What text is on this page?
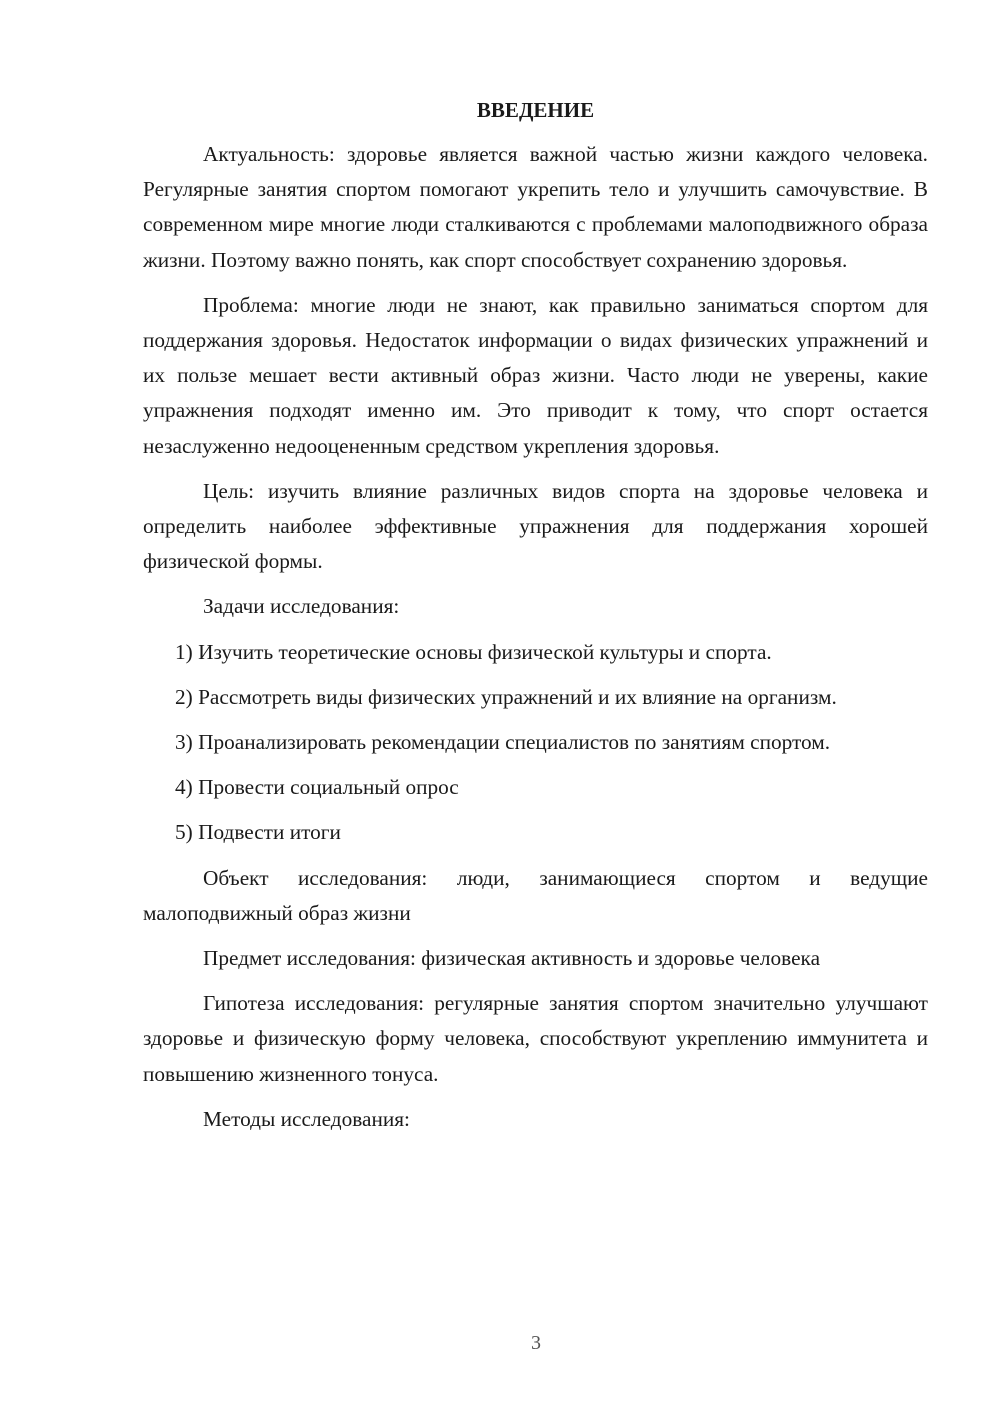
ВВЕДЕНИЕ

Актуальность: здоровье является важной частью жизни каждого человека. Регулярные занятия спортом помогают укрепить тело и улучшить самочувствие. В современном мире многие люди сталкиваются с проблемами малоподвижного образа жизни. Поэтому важно понять, как спорт способствует сохранению здоровья.

Проблема: многие люди не знают, как правильно заниматься спортом для поддержания здоровья. Недостаток информации о видах физических упражнений и их пользе мешает вести активный образ жизни. Часто люди не уверены, какие упражнения подходят именно им. Это приводит к тому, что спорт остается незаслуженно недооцененным средством укрепления здоровья.

Цель: изучить влияние различных видов спорта на здоровье человека и определить наиболее эффективные упражнения для поддержания хорошей физической формы.

Задачи исследования:

1) Изучить теоретические основы физической культуры и спорта.

2) Рассмотреть виды физических упражнений и их влияние на организм.

3) Проанализировать рекомендации специалистов по занятиям спортом.

4) Провести социальный опрос

5) Подвести итоги

Объект исследования: люди, занимающиеся спортом и ведущие малоподвижный образ жизни

Предмет исследования: физическая активность и здоровье человека

Гипотеза исследования: регулярные занятия спортом значительно улучшают здоровье и физическую форму человека, способствуют укреплению иммунитета и повышению жизненного тонуса.

Методы исследования:

3
